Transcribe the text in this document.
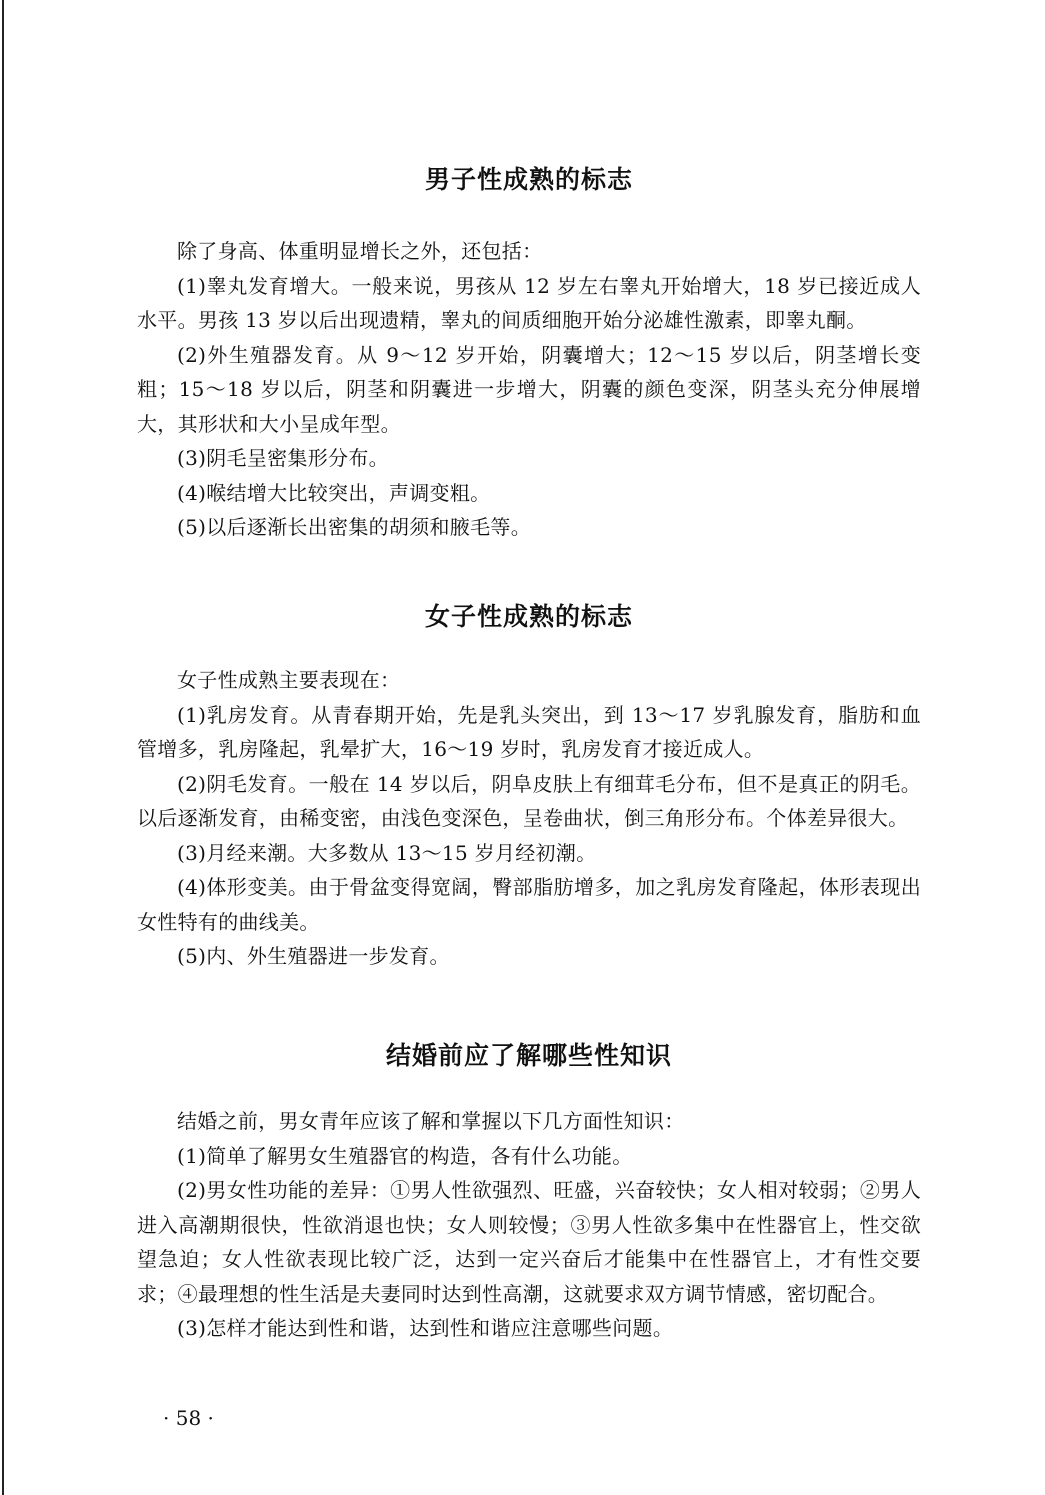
男子性成熟的标志

除了身高、体重明显增长之外，还包括：

(1)睾丸发育增大。一般来说，男孩从 12 岁左右睾丸开始增大，18 岁已接近成人水平。男孩 13 岁以后出现遗精，睾丸的间质细胞开始分泌雄性激素，即睾丸酮。

(2)外生殖器发育。从 9～12 岁开始，阴囊增大；12～15 岁以后，阴茎增长变粗；15～18 岁以后，阴茎和阴囊进一步增大，阴囊的颜色变深，阴茎头充分伸展增大，其形状和大小呈成年型。

(3)阴毛呈密集形分布。

(4)喉结增大比较突出，声调变粗。

(5)以后逐渐长出密集的胡须和腋毛等。

女子性成熟的标志

女子性成熟主要表现在：

(1)乳房发育。从青春期开始，先是乳头突出，到 13～17 岁乳腺发育，脂肪和血管增多，乳房隆起，乳晕扩大，16～19 岁时，乳房发育才接近成人。

(2)阴毛发育。一般在 14 岁以后，阴阜皮肤上有细茸毛分布，但不是真正的阴毛。以后逐渐发育，由稀变密，由浅色变深色，呈卷曲状，倒三角形分布。个体差异很大。

(3)月经来潮。大多数从 13～15 岁月经初潮。

(4)体形变美。由于骨盆变得宽阔，臀部脂肪增多，加之乳房发育隆起，体形表现出女性特有的曲线美。

(5)内、外生殖器进一步发育。

结婚前应了解哪些性知识

结婚之前，男女青年应该了解和掌握以下几方面性知识：

(1)简单了解男女生殖器官的构造，各有什么功能。

(2)男女性功能的差异：①男人性欲强烈、旺盛，兴奋较快；女人相对较弱；②男人进入高潮期很快，性欲消退也快；女人则较慢；③男人性欲多集中在性器官上，性交欲望急迫；女人性欲表现比较广泛，达到一定兴奋后才能集中在性器官上，才有性交要求；④最理想的性生活是夫妻同时达到性高潮，这就要求双方调节情感，密切配合。

(3)怎样才能达到性和谐，达到性和谐应注意哪些问题。

· 58 ·
